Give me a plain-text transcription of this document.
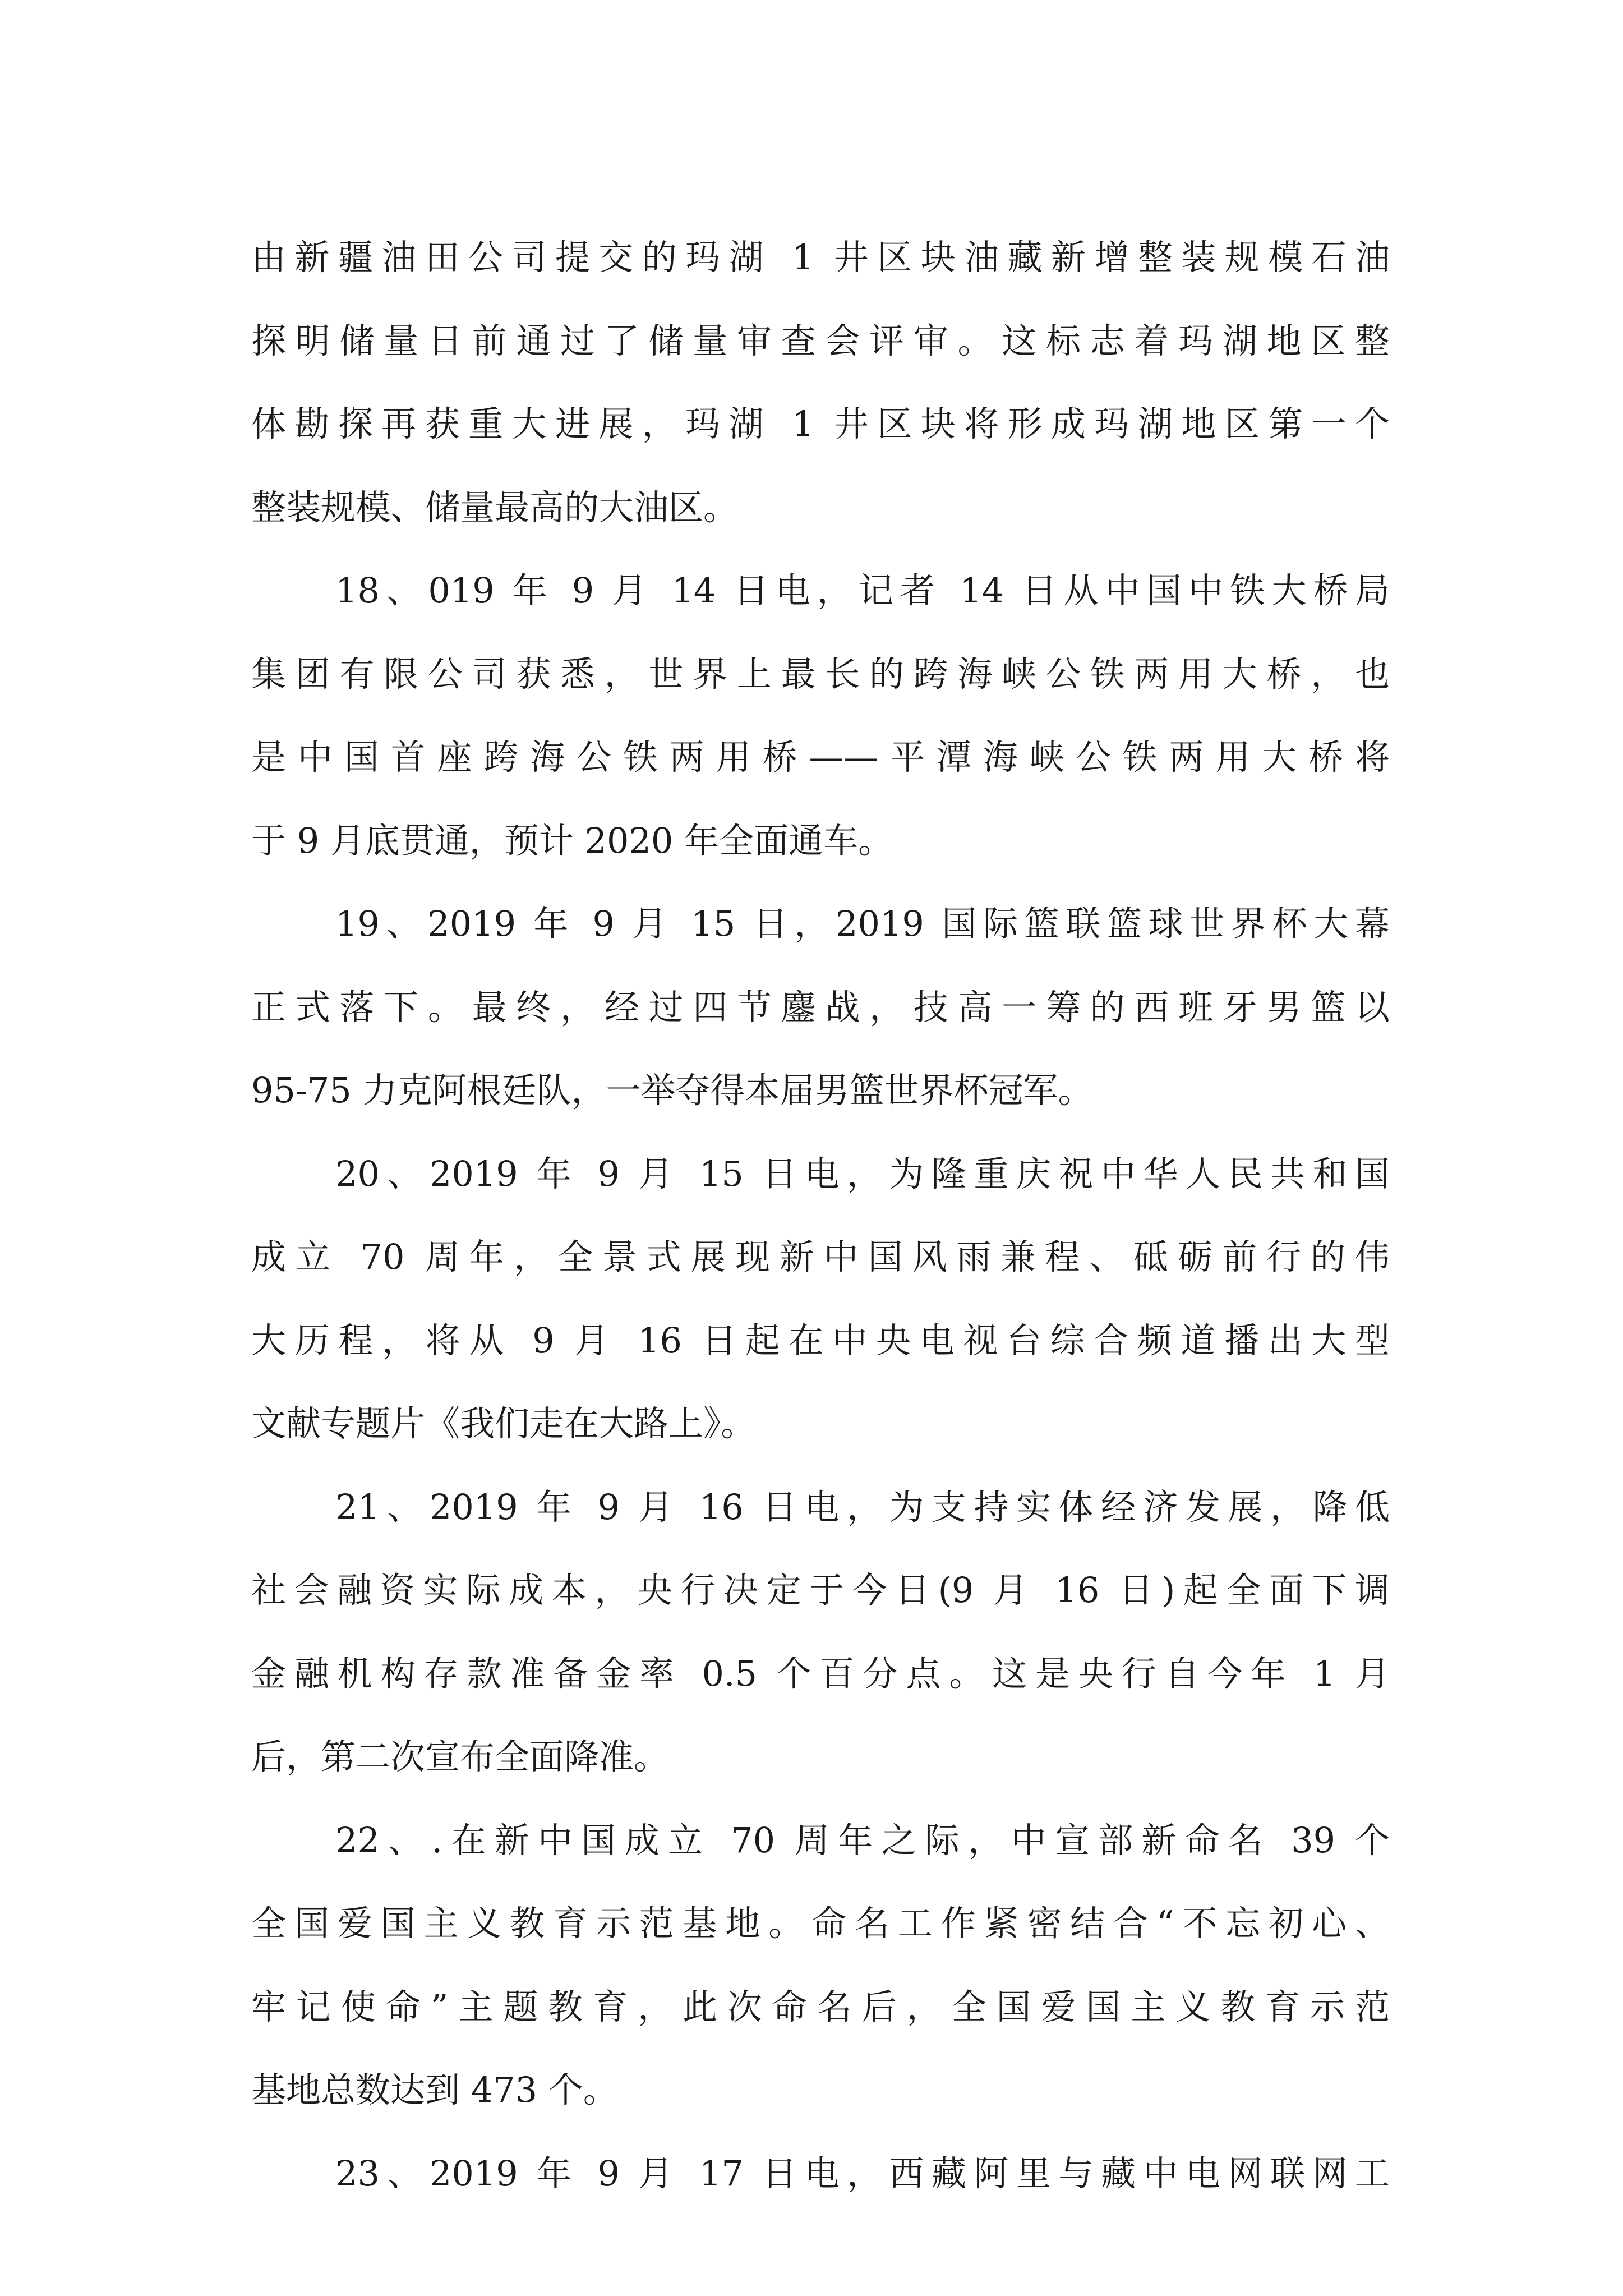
由新疆油田公司提交的玛湖 1 井区块油藏新增整装规模石油
探明储量日前通过了储量审查会评审。这标志着玛湖地区整
体勘探再获重大进展，玛湖 1 井区块将形成玛湖地区第一个
整装规模、储量最高的大油区。

18、019 年 9 月 14 日电，记者 14 日从中国中铁大桥局
集团有限公司获悉，世界上最长的跨海峡公铁两用大桥，也
是中国首座跨海公铁两用桥——平潭海峡公铁两用大桥将
于 9 月底贯通，预计 2020 年全面通车。

19、2019 年 9 月 15 日，2019 国际篮联篮球世界杯大幕
正式落下。最终，经过四节鏖战，技高一筹的西班牙男篮以
95-75 力克阿根廷队，一举夺得本届男篮世界杯冠军。

20、2019 年 9 月 15 日电，为隆重庆祝中华人民共和国
成立 70 周年，全景式展现新中国风雨兼程、砥砺前行的伟
大历程，将从 9 月 16 日起在中央电视台综合频道播出大型
文献专题片《我们走在大路上》。

21、2019 年 9 月 16 日电，为支持实体经济发展，降低
社会融资实际成本，央行决定于今日(9 月 16 日)起全面下调
金融机构存款准备金率 0.5 个百分点。这是央行自今年 1 月
后，第二次宣布全面降准。

22、.在新中国成立 70 周年之际，中宣部新命名 39 个
全国爱国主义教育示范基地。命名工作紧密结合“不忘初心、
牢记使命”主题教育，此次命名后，全国爱国主义教育示范
基地总数达到 473 个。

23、2019 年 9 月 17 日电，西藏阿里与藏中电网联网工
